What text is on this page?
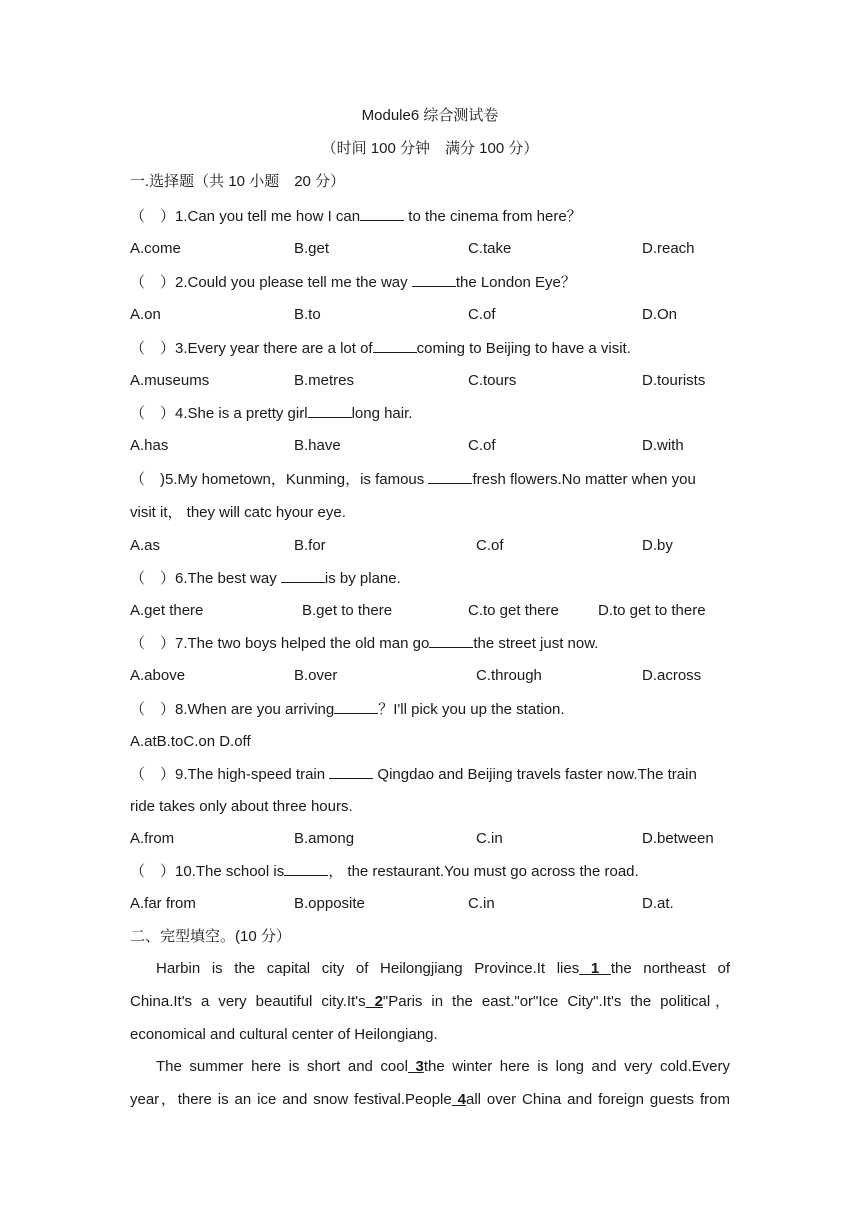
Module6 综合测试卷
（时间 100 分钟　满分 100 分）
一.选择题（共 10 小题　20 分）
（　）1.Can you tell me how I can	to the cinema from here？
A.come	B.get	C.take	D.reach
（　）2.Could you please tell me the way	the London Eye？
A.on	B.to	C.of	D.On
（　）3.Every year there are a lot of	coming to Beijing to have a visit.
A.museums	B.metres	C.tours	D.tourists
（　）4.She is a pretty girl	long hair.
A.has	B.have	C.of	D.with
（　)5.My hometown，Kunming，is famous	fresh flowers.No matter when you
visit it， they will catc hyour eye.
A.as	B.for	C.of	D.by
（　）6.The best way	is by plane.
A.get there	B.get to there	C.to get there	D.to get to there
（　）7.The two boys helped the old man go	the street just now.
A.above	B.over	C.through	D.across
（　）8.When are you arriving	？I'll pick you up the station.
A.atB.toC.on D.off
（　）9.The high-speed train	Qingdao and Beijing travels faster now.The train
ride takes only about three hours.
A.from	B.among	C.in	D.between
（　）10.The school is	， the restaurant.You must go across the road.
A.far from	B.opposite	C.in	D.at.
二、完型填空。(10 分）
Harbin is the capital city of Heilongjiang Province.It lies 1 the northeast of
China.It's a very beautiful city.It's 2"Paris in the east."or"Ice City".It's the political，
economical and cultural center of Heilongiang.
The summer here is short and cool 3the winter here is long and very cold.Every
year，there is an ice and snow festival.People 4all over China and foreign guests from
